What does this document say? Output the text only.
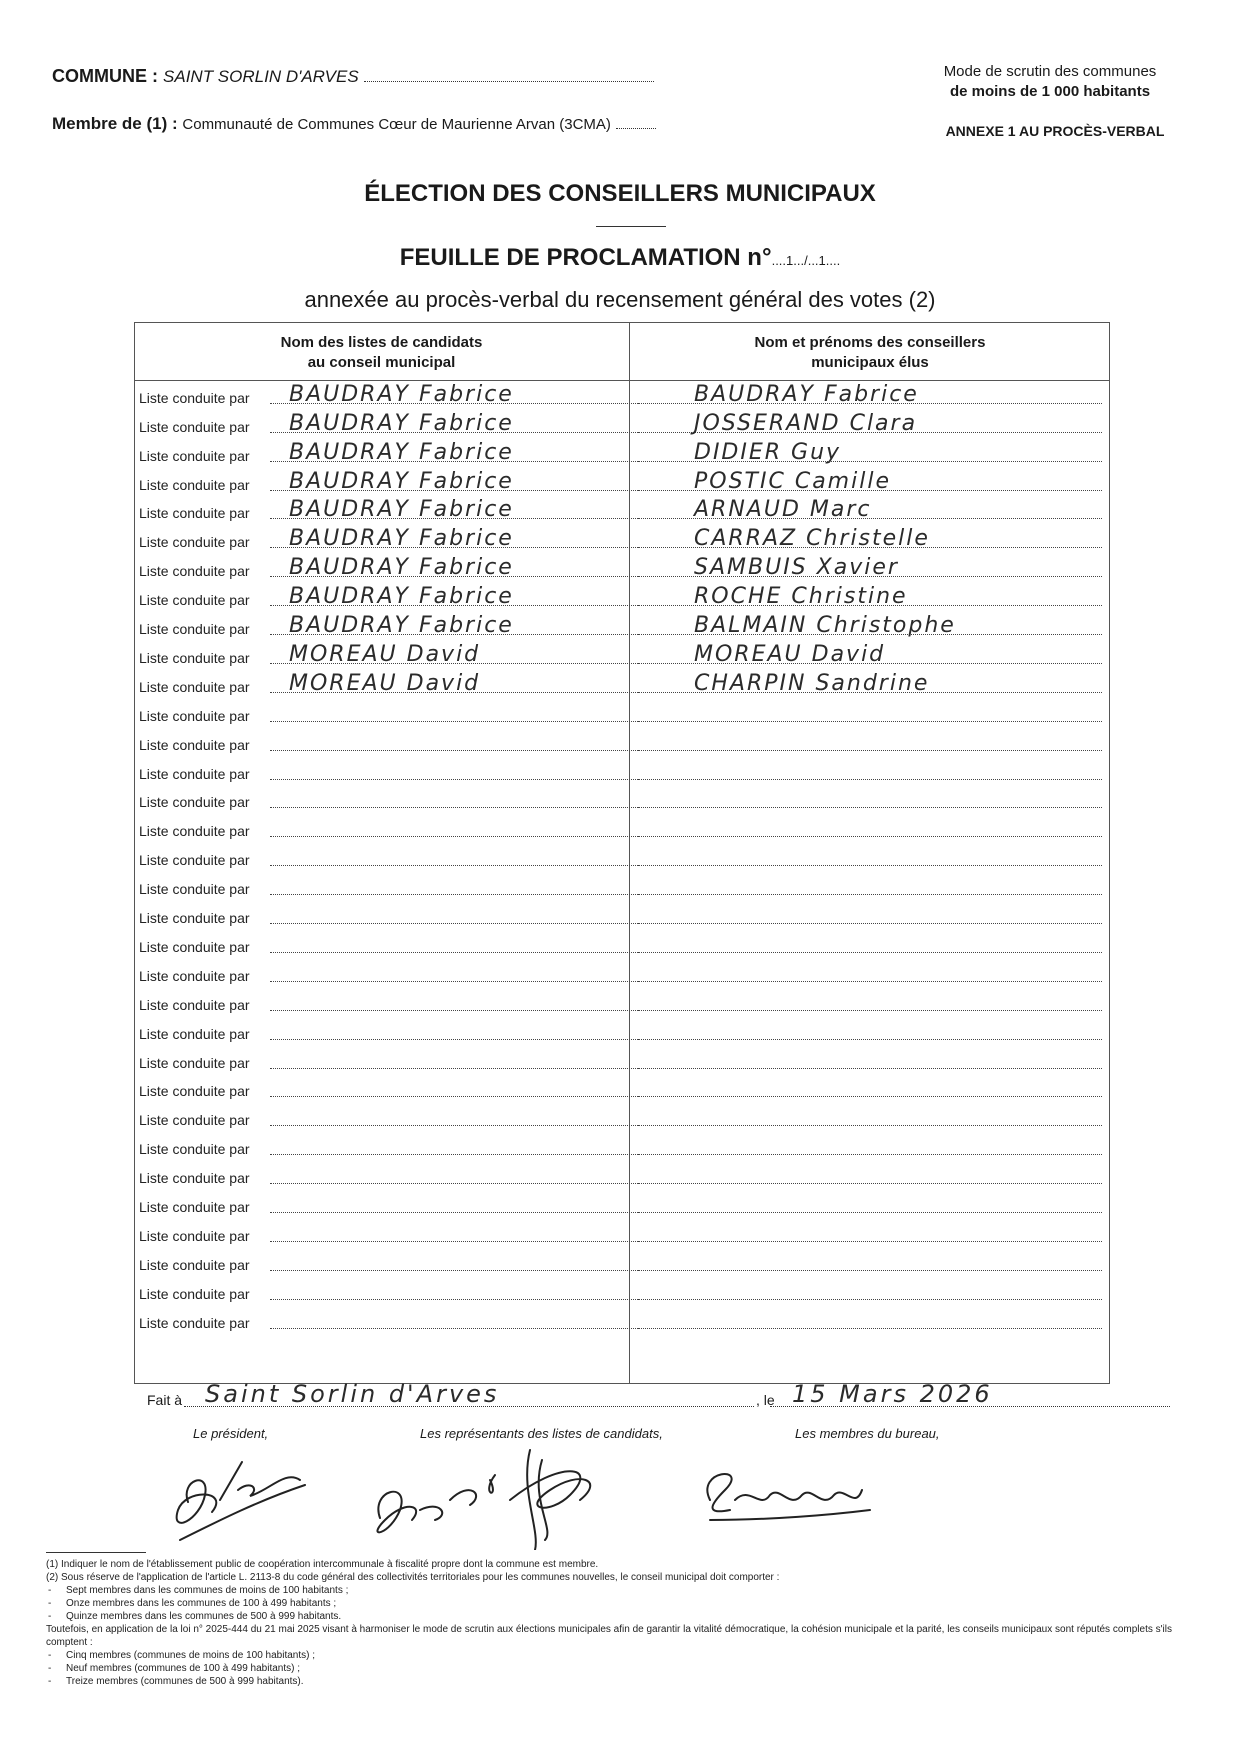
COMMUNE : SAINT SORLIN D'ARVES
Membre de (1) : Communauté de Communes Cœur de Maurienne Arvan (3CMA)
Mode de scrutin des communes
de moins de 1 000 habitants
ANNEXE 1 AU PROCÈS-VERBAL
ÉLECTION DES CONSEILLERS MUNICIPAUX
FEUILLE DE PROCLAMATION n°....1.../...1....
annexée au procès-verbal du recensement général des votes (2)
Nom des listes de candidats
au conseil municipal
Nom et prénoms des conseillers
municipaux élus
Liste conduite par BAUDRAY Fabrice	BAUDRAY Fabrice
Liste conduite par BAUDRAY Fabrice	JOSSERAND Clara
Liste conduite par BAUDRAY Fabrice	DIDIER Guy
Liste conduite par BAUDRAY Fabrice	POSTIC Camille
Liste conduite par BAUDRAY Fabrice	ARNAUD Marc
Liste conduite par BAUDRAY Fabrice	CARRAZ Christelle
Liste conduite par BAUDRAY Fabrice	SAMBUIS Xavier
Liste conduite par BAUDRAY Fabrice	ROCHE Christine
Liste conduite par BAUDRAY Fabrice	BALMAIN Christophe
Liste conduite par MOREAU David	MOREAU David
Liste conduite par MOREAU David	CHARPIN Sandrine
Liste conduite par
Liste conduite par
Liste conduite par
Liste conduite par
Liste conduite par
Liste conduite par
Liste conduite par
Liste conduite par
Liste conduite par
Liste conduite par
Liste conduite par
Liste conduite par
Liste conduite par
Liste conduite par
Liste conduite par
Liste conduite par
Liste conduite par
Liste conduite par
Liste conduite par
Liste conduite par
Liste conduite par
Liste conduite par
Fait à Saint Sorlin d'Arves	, le 15 Mars 2026
Le président,	Les représentants des listes de candidats,	Les membres du bureau,

(1) Indiquer le nom de l'établissement public de coopération intercommunale à fiscalité propre dont la commune est membre.

(2) Sous réserve de l'application de l'article L. 2113-8 du code général des collectivités territoriales pour les communes nouvelles, le conseil municipal doit comporter :

- Sept membres dans les communes de moins de 100 habitants ;

- Onze membres dans les communes de 100 à 499 habitants ;

- Quinze membres dans les communes de 500 à 999 habitants.

Toutefois, en application de la loi n° 2025-444 du 21 mai 2025 visant à harmoniser le mode de scrutin aux élections municipales afin de garantir la vitalité démocratique, la cohésion municipale et la parité, les conseils municipaux sont réputés complets s'ils comptent :

- Cinq membres (communes de moins de 100 habitants) ;

- Neuf membres (communes de 100 à 499 habitants) ;

- Treize membres (communes de 500 à 999 habitants).
